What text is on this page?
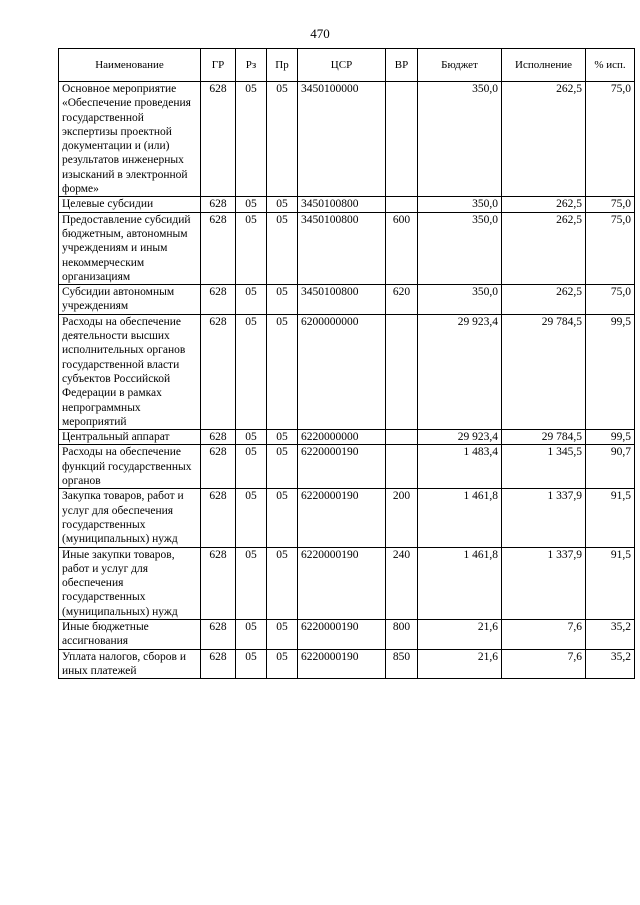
470
Наименование	ГР	Рз	Пр	ЦСР	ВР	Бюджет	Исполнение	% исп.
Основное мероприятие «Обеспечение проведения государственной экспертизы проектной документации и (или) результатов инженерных изысканий в электронной форме»	628	05	05	3450100000		350,0	262,5	75,0
Целевые субсидии	628	05	05	3450100800		350,0	262,5	75,0
Предоставление субсидий бюджетным, автономным учреждениям и иным некоммерческим организациям	628	05	05	3450100800	600	350,0	262,5	75,0
Субсидии автономным учреждениям	628	05	05	3450100800	620	350,0	262,5	75,0
Расходы на обеспечение деятельности высших исполнительных органов государственной власти субъектов Российской Федерации в рамках непрограммных мероприятий	628	05	05	6200000000		29 923,4	29 784,5	99,5
Центральный аппарат	628	05	05	6220000000		29 923,4	29 784,5	99,5
Расходы на обеспечение функций государственных органов	628	05	05	6220000190		1 483,4	1 345,5	90,7
Закупка товаров, работ и услуг для обеспечения государственных (муниципальных) нужд	628	05	05	6220000190	200	1 461,8	1 337,9	91,5
Иные закупки товаров, работ и услуг для обеспечения государственных (муниципальных) нужд	628	05	05	6220000190	240	1 461,8	1 337,9	91,5
Иные бюджетные ассигнования	628	05	05	6220000190	800	21,6	7,6	35,2
Уплата налогов, сборов и иных платежей	628	05	05	6220000190	850	21,6	7,6	35,2
